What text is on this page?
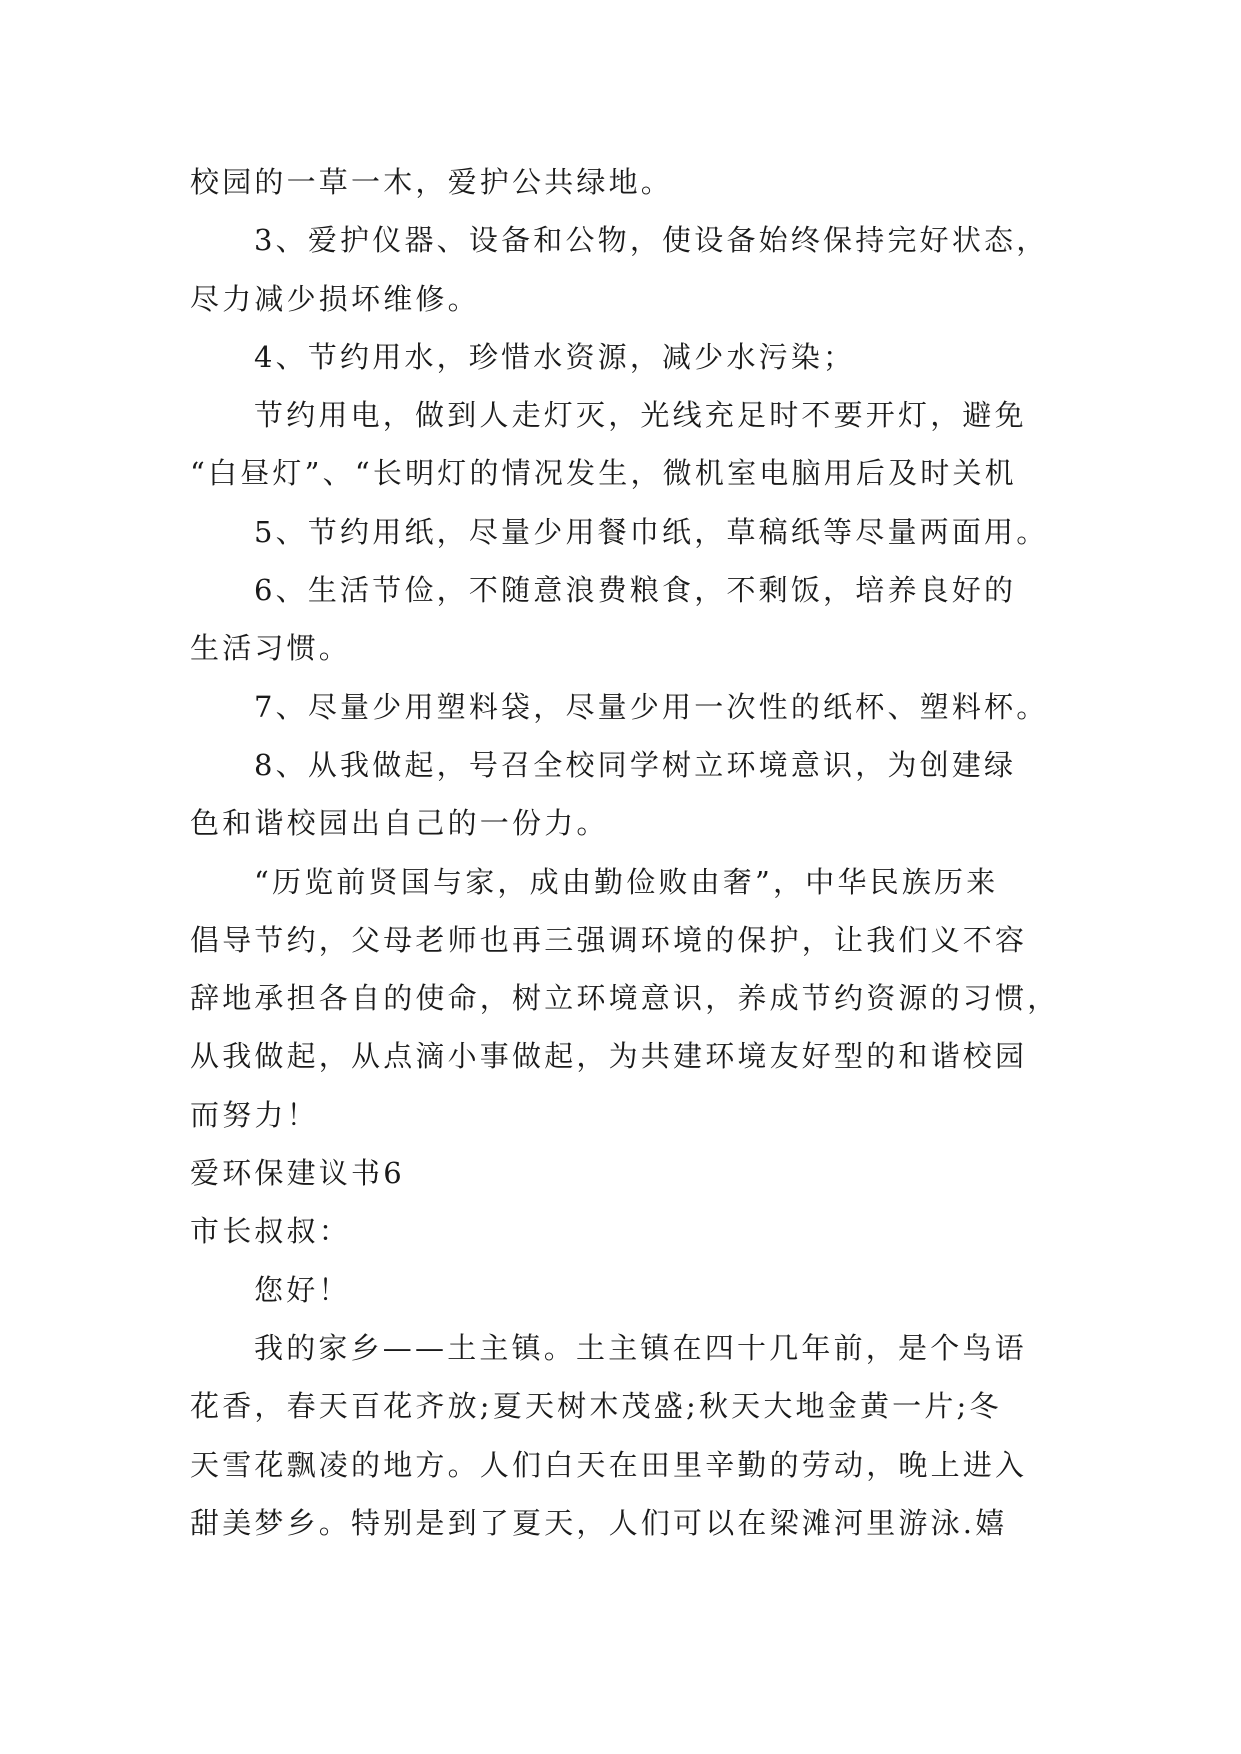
校园的一草一木，爱护公共绿地。
3、爱护仪器、设备和公物，使设备始终保持完好状态，
尽力减少损坏维修。
4、节约用水，珍惜水资源，减少水污染；
节约用电，做到人走灯灭，光线充足时不要开灯，避免
“白昼灯”、“长明灯的情况发生，微机室电脑用后及时关机
5、节约用纸，尽量少用餐巾纸，草稿纸等尽量两面用。
6、生活节俭，不随意浪费粮食，不剩饭，培养良好的
生活习惯。
7、尽量少用塑料袋，尽量少用一次性的纸杯、塑料杯。
8、从我做起，号召全校同学树立环境意识，为创建绿
色和谐校园出自己的一份力。
“历览前贤国与家，成由勤俭败由奢”，中华民族历来
倡导节约，父母老师也再三强调环境的保护，让我们义不容
辞地承担各自的使命，树立环境意识，养成节约资源的习惯，
从我做起，从点滴小事做起，为共建环境友好型的和谐校园
而努力！
爱环保建议书6
市长叔叔：
您好！
我的家乡——土主镇。土主镇在四十几年前，是个鸟语
花香，春天百花齐放;夏天树木茂盛;秋天大地金黄一片;冬
天雪花飘凌的地方。人们白天在田里辛勤的劳动，晚上进入
甜美梦乡。特别是到了夏天，人们可以在梁滩河里游泳.嬉
